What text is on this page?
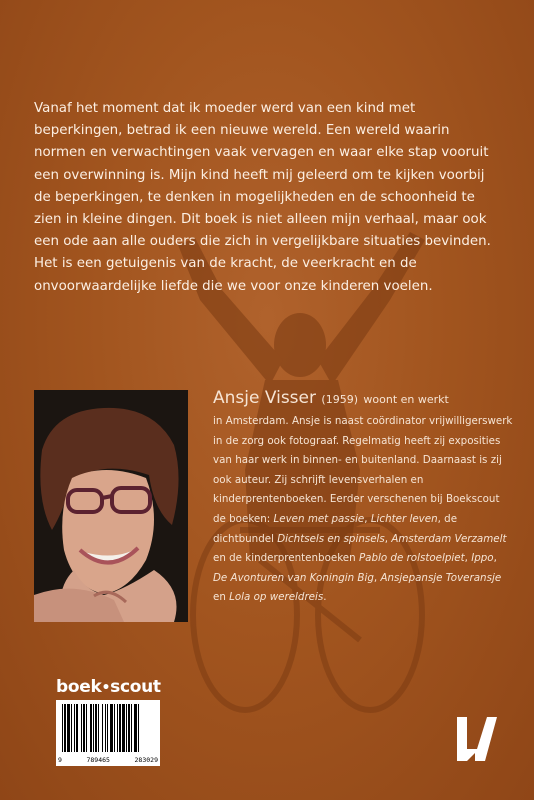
Vanaf het moment dat ik moeder werd van een kind met beperkingen, betrad ik een nieuwe wereld. Een wereld waarin normen en verwachtingen vaak vervagen en waar elke stap vooruit een overwinning is. Mijn kind heeft mij geleerd om te kijken voorbij de beperkingen, te denken in mogelijkheden en de schoonheid te zien in kleine dingen. Dit boek is niet alleen mijn verhaal, maar ook een ode aan alle ouders die zich in vergelijkbare situaties bevinden. Het is een getuigenis van de kracht, de veerkracht en de onvoorwaardelijke liefde die we voor onze kinderen voelen.

Ansje Visser (1959) woont en werkt

in Amsterdam. Ansje is naast coördinator vrijwilligerswerk in de zorg ook fotograaf. Regelmatig heeft zij exposities van haar werk in binnen- en buitenland. Daarnaast is zij ook auteur. Zij schrijft levensverhalen en kinderprentenboeken. Eerder verschenen bij Boekscout de boeken: Leven met passie, Lichter leven, de dichtbundel Dichtsels en spinsels, Amsterdam Verzamelt en de kinderprentenboeken Pablo de rolstoelpiet, Ippo, De Avonturen van Koningin Big, Ansjepansje Toveransje en Lola op wereldreis.

boek•scout
9	789465	283029
